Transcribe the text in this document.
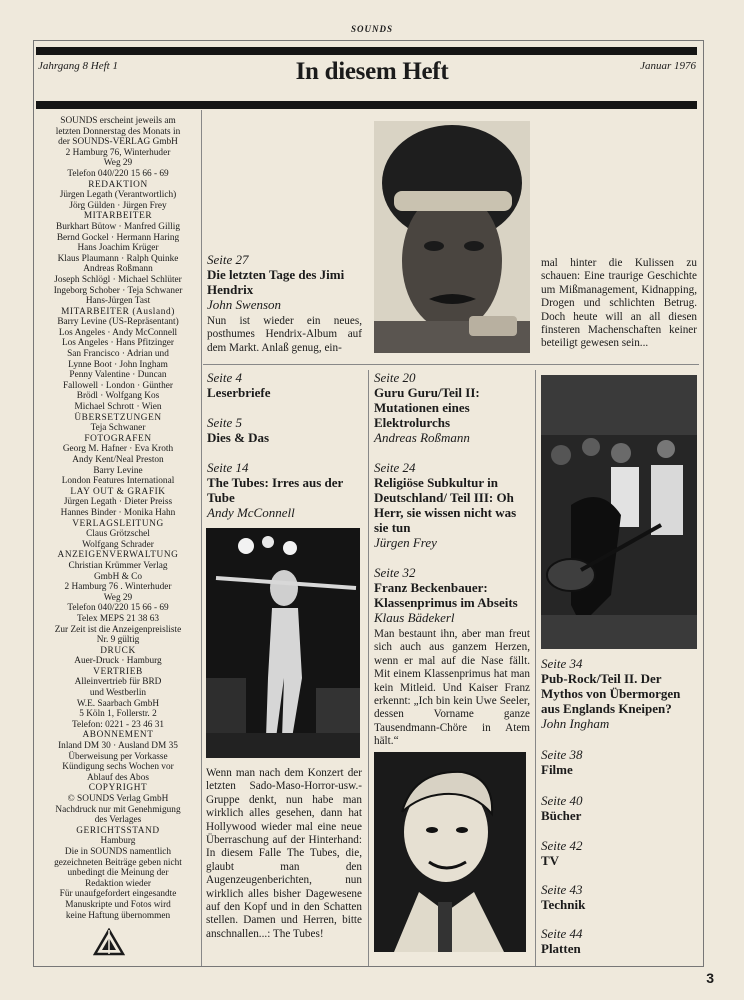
SOUNDS
Jahrgang 8 Heft 1	In diesem Heft	Januar 1976
SOUNDS erscheint jeweils am
letzten Donnerstag des Monats in
der SOUNDS-VERLAG GmbH
2 Hamburg 76, Winterhuder
Weg 29
Telefon 040/220 15 66 - 69
REDAKTION
Jürgen Legath (Verantwortlich)
Jörg Gülden · Jürgen Frey
MITARBEITER
Burkhart Bütow · Manfred Gillig
Bernd Gockel · Hermann Haring
Hans Joachim Krüger
Klaus Plaumann · Ralph Quinke
Andreas Roßmann
Joseph Schlögl · Michael Schlüter
Ingeborg Schober · Teja Schwaner
Hans-Jürgen Tast
MITARBEITER (Ausland)
Barry Levine (US-Repräsentant)
Los Angeles · Andy McConnell
Los Angeles · Hans Pfitzinger
San Francisco · Adrian und
Lynne Boot · John Ingham
Penny Valentine · Duncan
Fallowell · London · Günther
Brödl · Wolfgang Kos
Michael Schrott · Wien
ÜBERSETZUNGEN
Teja Schwaner
FOTOGRAFEN
Georg M. Hafner · Eva Kroth
Andy Kent/Neal Preston
Barry Levine
London Features International
LAY OUT & GRAFIK
Jürgen Legath · Dieter Preiss
Hannes Binder · Monika Hahn
VERLAGSLEITUNG
Claus Grötzschel
Wolfgang Schrader
ANZEIGENVERWALTUNG
Christian Krümmer Verlag
GmbH & Co
2 Hamburg 76 . Winterhuder
Weg 29
Telefon 040/220 15 66 - 69
Telex MEPS 21 38 63
Zur Zeit ist die Anzeigenpreisliste
Nr. 9 gültig
DRUCK
Auer-Druck · Hamburg
VERTRIEB
Alleinvertrieb für BRD
und Westberlin
W.E. Saarbach GmbH
5 Köln 1, Follerstr. 2
Telefon: 0221 - 23 46 31
ABONNEMENT
Inland DM 30 · Ausland DM 35
Überweisung per Vorkasse
Kündigung sechs Wochen vor
Ablauf des Abos
COPYRIGHT
© SOUNDS Verlag GmbH
Nachdruck nur mit Genehmigung
des Verlages
GERICHTSSTAND
Hamburg
Die in SOUNDS namentlich
gezeichneten Beiträge geben nicht
unbedingt die Meinung der
Redaktion wieder
Für unaufgefordert eingesandte
Manuskripte und Fotos wird
keine Haftung übernommen
Seite 27
Die letzten Tage des Jimi Hendrix
John Swenson
Nun ist wieder ein neues, posthumes Hendrix-Album auf dem Markt. Anlaß genug, ein-
mal hinter die Kulissen zu schauen: Eine traurige Geschichte um Mißmanagement, Kidnapping, Drogen und schlichten Betrug. Doch heute will an all diesen finsteren Machenschaften keiner beteiligt gewesen sein...
Seite 4
Leserbriefe
Seite 5
Dies & Das
Seite 14
The Tubes: Irres aus der Tube
Andy McConnell
Wenn man nach dem Konzert der letzten Sado-Maso-Horror-usw.-Gruppe denkt, nun habe man wirklich alles gesehen, dann hat Hollywood wieder mal eine neue Überraschung auf der Hinterhand: In diesem Falle The Tubes, die, glaubt man den Augenzeugenberichten, nun wirklich alles bisher Dagewesene auf den Kopf und in den Schatten stellen. Damen und Herren, bitte anschnallen...: The Tubes!
Seite 20
Guru Guru/Teil II: Mutationen eines Elektrolurchs
Andreas Roßmann
Seite 24
Religiöse Subkultur in Deutschland/ Teil III: Oh Herr, sie wissen nicht was sie tun
Jürgen Frey
Seite 32
Franz Beckenbauer: Klassenprimus im Abseits
Klaus Bädekerl
Man bestaunt ihn, aber man freut sich auch aus ganzem Herzen, wenn er mal auf die Nase fällt. Mit einem Klassenprimus hat man kein Mitleid. Und Kaiser Franz erkennt: „Ich bin kein Uwe Seeler, dessen Vorname ganze Tausendmann-Chöre in Atem hält.“
Seite 34
Pub-Rock/Teil II. Der Mythos von Übermorgen aus Englands Kneipen?
John Ingham
Seite 38
Filme
Seite 40
Bücher
Seite 42
TV
Seite 43
Technik
Seite 44
Platten
3
